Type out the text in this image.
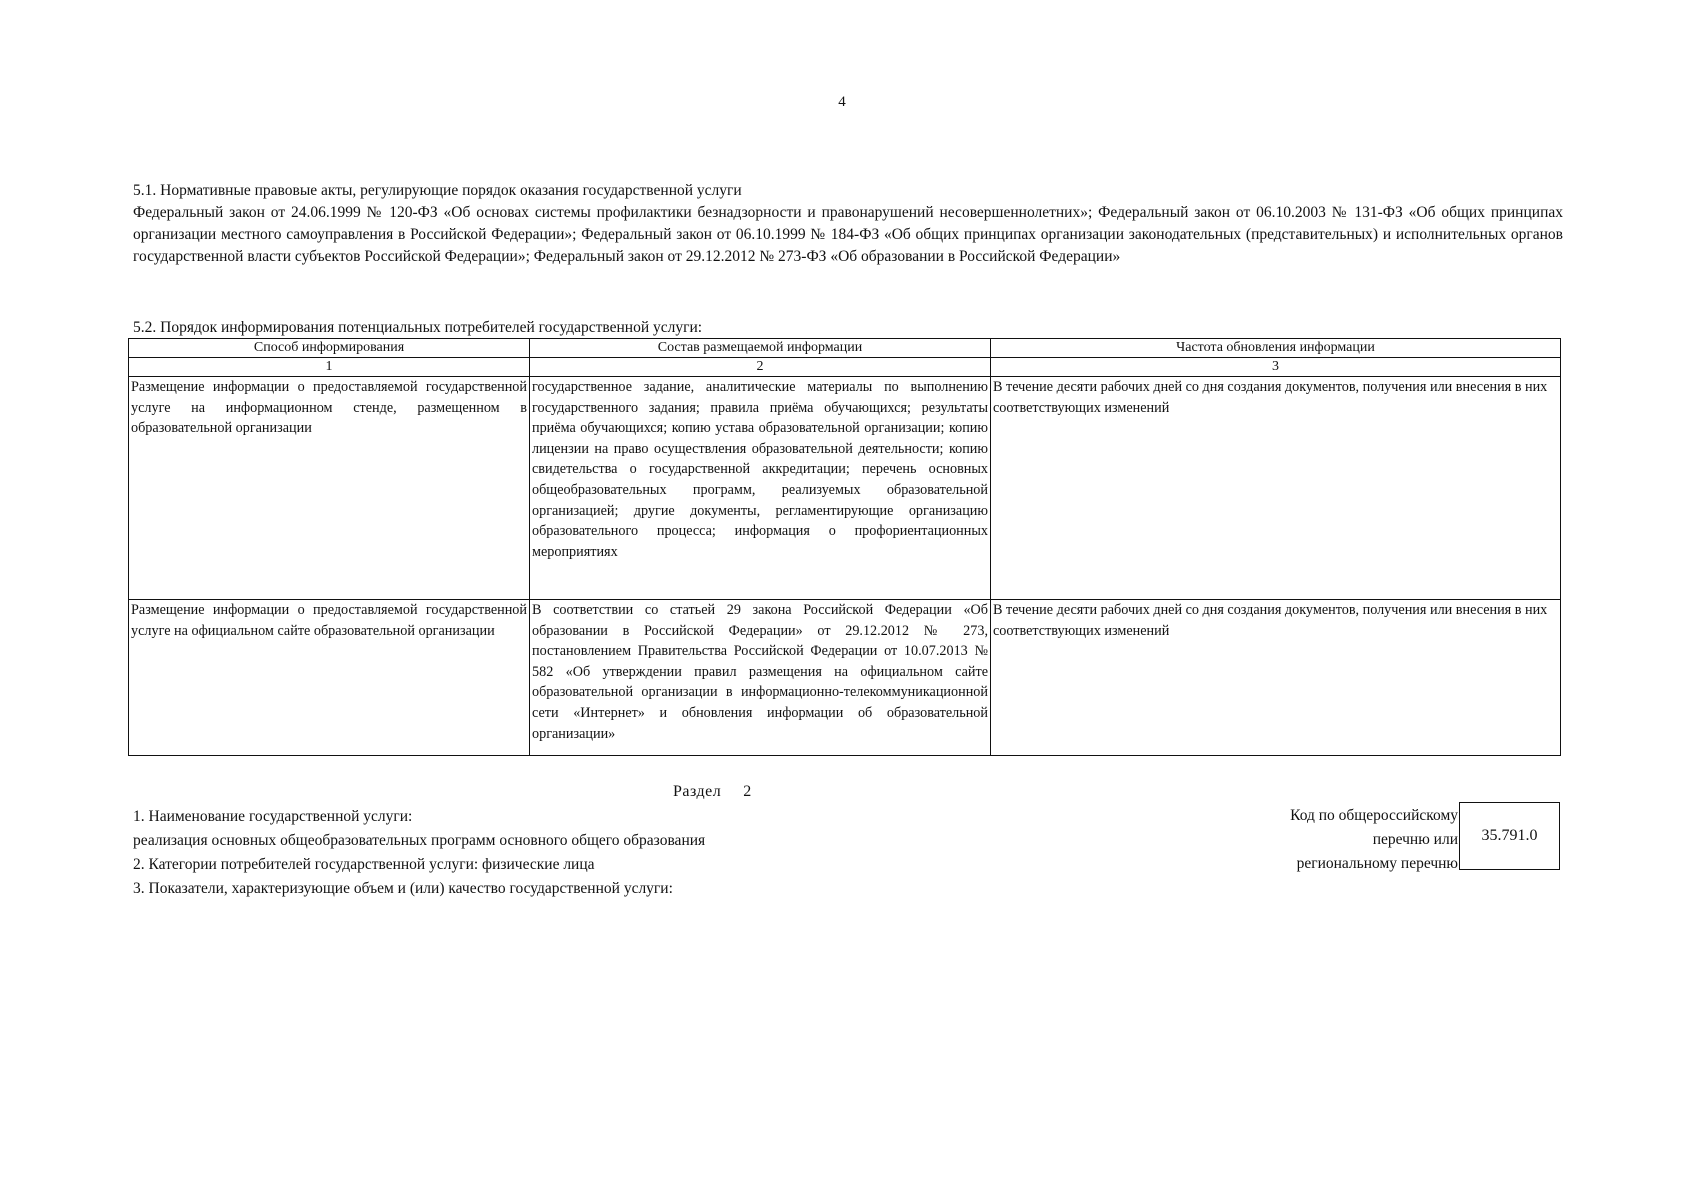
4

5.1. Нормативные правовые акты, регулирующие порядок оказания государственной услуги

Федеральный закон от 24.06.1999 № 120-ФЗ «Об основах системы профилактики безнадзорности и правонарушений несовершеннолетних»; Федеральный закон от 06.10.2003 № 131-ФЗ «Об общих принципах организации местного самоуправления в Российской Федерации»; Федеральный закон от 06.10.1999 № 184-ФЗ «Об общих принципах организации законодательных (представительных) и исполнительных органов государственной власти субъектов Российской Федерации»; Федеральный закон от 29.12.2012 № 273-ФЗ «Об образовании в Российской Федерации»

5.2. Порядок информирования потенциальных потребителей государственной услуги:
Способ информирования	Состав размещаемой информации	Частота обновления информации
1	2	3
Размещение информации о предоставляемой государственной услуге на информационном стенде, размещенном в образовательной организации	государственное задание, аналитические материалы по выполнению государственного задания; правила приёма обучающихся; результаты приёма обучающихся; копию устава образовательной организации; копию лицензии на право осуществления образовательной деятельности; копию свидетельства о государственной аккредитации; перечень основных общеобразовательных программ, реализуемых образовательной организацией; другие документы, регламентирующие организацию образовательного процесса; информация о профориентационных мероприятиях	В течение десяти рабочих дней со дня создания документов, получения или внесения в них соответствующих изменений
Размещение информации о предоставляемой государственной услуге на официальном сайте образовательной организации	В соответствии со статьей 29 закона Российской Федерации «Об образовании в Российской Федерации» от 29.12.2012 № 273, постановлением Правительства Российской Федерации от 10.07.2013 № 582 «Об утверждении правил размещения на официальном сайте образовательной организации в информационно-телекоммуникационной сети «Интернет» и обновления информации об образовательной организации»	В течение десяти рабочих дней со дня создания документов, получения или внесения в них соответствующих изменений
Раздел 2

1. Наименование государственной услуги:

реализация основных общеобразовательных программ основного общего образования

2. Категории потребителей государственной услуги: физические лица

3. Показатели, характеризующие объем и (или) качество государственной услуги:

Код по общероссийскому
перечню или
региональному перечню
35.791.0
